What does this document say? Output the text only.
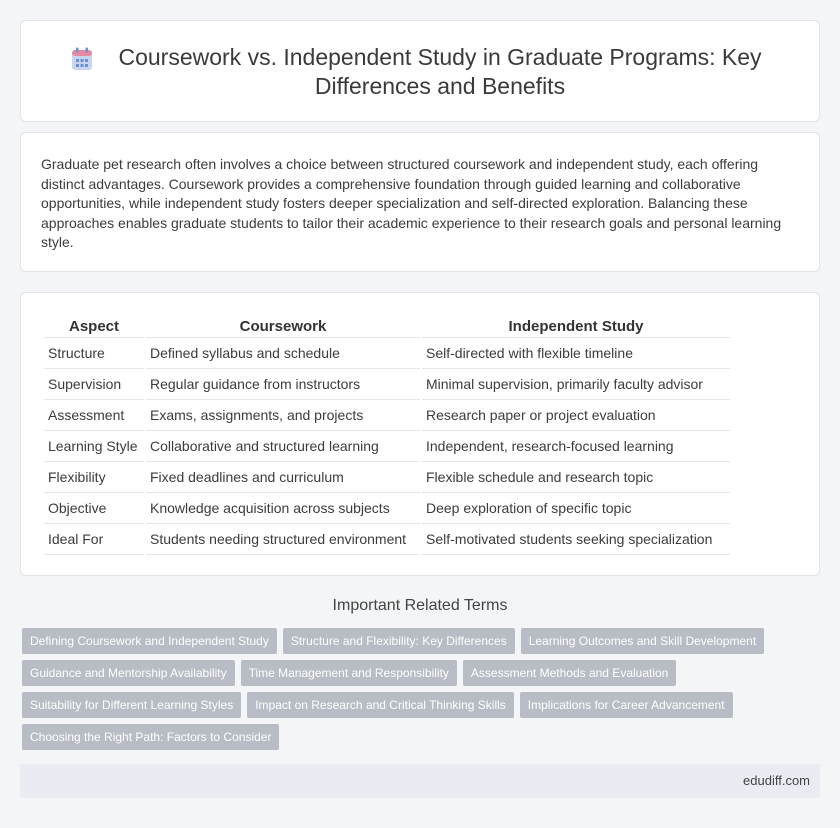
Coursework vs. Independent Study in Graduate Programs: Key Differences and Benefits

Graduate pet research often involves a choice between structured coursework and independent study, each offering distinct advantages. Coursework provides a comprehensive foundation through guided learning and collaborative opportunities, while independent study fosters deeper specialization and self-directed exploration. Balancing these approaches enables graduate students to tailor their academic experience to their research goals and personal learning style.

Aspect	Coursework	Independent Study
Structure	Defined syllabus and schedule	Self-directed with flexible timeline
Supervision	Regular guidance from instructors	Minimal supervision, primarily faculty advisor
Assessment	Exams, assignments, and projects	Research paper or project evaluation
Learning Style	Collaborative and structured learning	Independent, research-focused learning
Flexibility	Fixed deadlines and curriculum	Flexible schedule and research topic
Objective	Knowledge acquisition across subjects	Deep exploration of specific topic
Ideal For	Students needing structured environment	Self-motivated students seeking specialization
Important Related Terms
Defining Coursework and Independent Study	Structure and Flexibility: Key Differences	Learning Outcomes and Skill Development
Guidance and Mentorship Availability	Time Management and Responsibility	Assessment Methods and Evaluation
Suitability for Different Learning Styles	Impact on Research and Critical Thinking Skills	Implications for Career Advancement
Choosing the Right Path: Factors to Consider
edudiff.com
